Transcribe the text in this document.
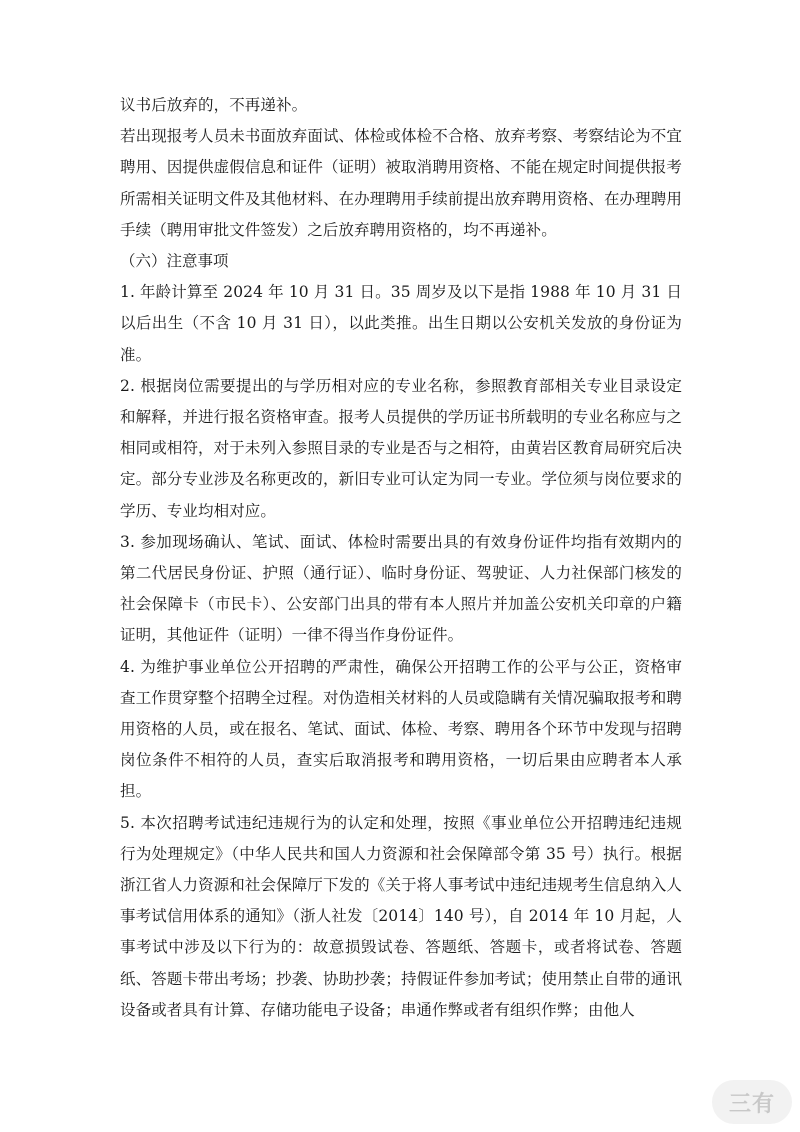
议书后放弃的，不再递补。

若出现报考人员未书面放弃面试、体检或体检不合格、放弃考察、考察结论为不宜聘用、因提供虚假信息和证件（证明）被取消聘用资格、不能在规定时间提供报考所需相关证明文件及其他材料、在办理聘用手续前提出放弃聘用资格、在办理聘用手续（聘用审批文件签发）之后放弃聘用资格的，均不再递补。

（六）注意事项

1. 年龄计算至 2024 年 10 月 31 日。35 周岁及以下是指 1988 年 10 月 31 日以后出生（不含 10 月 31 日），以此类推。出生日期以公安机关发放的身份证为准。

2. 根据岗位需要提出的与学历相对应的专业名称，参照教育部相关专业目录设定和解释，并进行报名资格审查。报考人员提供的学历证书所载明的专业名称应与之相同或相符，对于未列入参照目录的专业是否与之相符，由黄岩区教育局研究后决定。部分专业涉及名称更改的，新旧专业可认定为同一专业。学位须与岗位要求的学历、专业均相对应。

3. 参加现场确认、笔试、面试、体检时需要出具的有效身份证件均指有效期内的第二代居民身份证、护照（通行证）、临时身份证、驾驶证、人力社保部门核发的社会保障卡（市民卡）、公安部门出具的带有本人照片并加盖公安机关印章的户籍证明，其他证件（证明）一律不得当作身份证件。

4. 为维护事业单位公开招聘的严肃性，确保公开招聘工作的公平与公正，资格审查工作贯穿整个招聘全过程。对伪造相关材料的人员或隐瞒有关情况骗取报考和聘用资格的人员，或在报名、笔试、面试、体检、考察、聘用各个环节中发现与招聘岗位条件不相符的人员，查实后取消报考和聘用资格，一切后果由应聘者本人承担。

5. 本次招聘考试违纪违规行为的认定和处理，按照《事业单位公开招聘违纪违规行为处理规定》（中华人民共和国人力资源和社会保障部令第 35 号）执行。根据浙江省人力资源和社会保障厅下发的《关于将人事考试中违纪违规考生信息纳入人事考试信用体系的通知》（浙人社发〔2014〕140 号），自 2014 年 10 月起，人事考试中涉及以下行为的：故意损毁试卷、答题纸、答题卡，或者将试卷、答题纸、答题卡带出考场；抄袭、协助抄袭；持假证件参加考试；使用禁止自带的通讯设备或者具有计算、存储功能电子设备；串通作弊或者有组织作弊；由他人

三有
